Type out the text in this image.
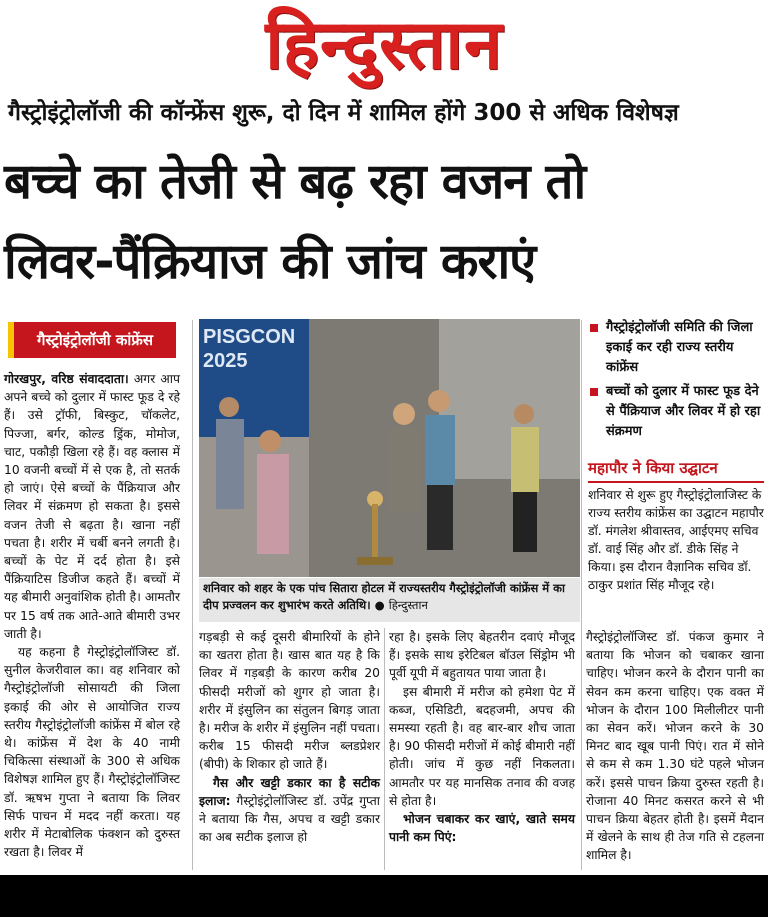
हिन्दुस्तान
गैस्ट्रोइंट्रोलॉजी की कॉन्फ्रेंस शुरू, दो दिन में शामिल होंगे 300 से अधिक विशेषज्ञ
बच्चे का तेजी से बढ़ रहा वजन तो
लिवर-पैंक्रियाज की जांच कराएं
गैस्ट्रोइंट्रोलॉजी कांफ्रेंस

गोरखपुर, वरिष्ठ संवाददाता। अगर आप अपने बच्चे को दुलार में फास्ट फूड दे रहे हैं। उसे ट्रॉफी, बिस्कुट, चॉकलेट, पिज्जा, बर्गर, कोल्ड ड्रिंक, मोमोज, चाट, पकौड़ी खिला रहे हैं। वह क्लास में 10 वजनी बच्चों में से एक है, तो सतर्क हो जाएं। ऐसे बच्चों के पैंक्रियाज और लिवर में संक्रमण हो सकता है। इससे वजन तेजी से बढ़ता है। खाना नहीं पचता है। शरीर में चर्बी बनने लगती है। बच्चों के पेट में दर्द होता है। इसे पैंक्रियाटिस डिजीज कहते हैं। बच्चों में यह बीमारी अनुवांशिक होती है। आमतौर पर 15 वर्ष तक आते-आते बीमारी उभर जाती है।

यह कहना है गेस्ट्रोइंट्रोलॉजिस्ट डॉ. सुनील केजरीवाल का। वह शनिवार को गैस्ट्रोइंट्रोलॉजी सोसायटी की जिला इकाई की ओर से आयोजित राज्य स्तरीय गैस्ट्रोइंट्रोलॉजी कांफ्रेंस में बोल रहे थे। कांफ्रेंस में देश के 40 नामी चिकित्सा संस्थाओं के 300 से अधिक विशेषज्ञ शामिल हुए हैं। गैस्ट्रोइंट्रोलॉजिस्ट डॉ. ऋषभ गुप्ता ने बताया कि लिवर सिर्फ पाचन में मदद नहीं करता। यह शरीर में मेटाबोलिक फंक्शन को दुरुस्त रखता है। लिवर में

PISGCON 2025
शनिवार को शहर के एक पांच सितारा होटल में राज्यस्तरीय गैस्ट्रोइंट्रोलॉजी कांफ्रेंस में का दीप प्रज्वलन कर शुभारंभ करते अतिथि। ● हिन्दुस्तान
गैस्ट्रोइंट्रोलॉजी समिति की जिला इकाई कर रही राज्य स्तरीय कांफ्रेंस
बच्चों को दुलार में फास्ट फूड देने से पैंक्रियाज और लिवर में हो रहा संक्रमण
महापौर ने किया उद्घाटन
शनिवार से शुरू हुए गैस्ट्रोइंट्रोलाजिस्ट के राज्य स्तरीय कांफ्रेंस का उद्घाटन महापौर डॉ. मंगलेश श्रीवास्तव, आईएमए सचिव डॉ. वाई सिंह और डॉ. डीके सिंह ने किया। इस दौरान वैज्ञानिक सचिव डॉ. ठाकुर प्रशांत सिंह मौजूद रहे।

गड़बड़ी से कई दूसरी बीमारियों के होने का खतरा होता है। खास बात यह है कि लिवर में गड़बड़ी के कारण करीब 20 फीसदी मरीजों को शुगर हो जाता है। शरीर में इंसुलिन का संतुलन बिगड़ जाता है। मरीज के शरीर में इंसुलिन नहीं पचता। करीब 15 फीसदी मरीज ब्लडप्रेशर (बीपी) के शिकार हो जाते हैं।

गैस और खट्टी डकार का है सटीक इलाज: गैस्ट्रोइंट्रोलॉजिस्ट डॉ. उपेंद्र गुप्ता ने बताया कि गैस, अपच व खट्टी डकार का अब सटीक इलाज हो

रहा है। इसके लिए बेहतरीन दवाएं मौजूद हैं। इसके साथ इरेटिबल बॉउल सिंड्रोम भी पूर्वी यूपी में बहुतायत पाया जाता है।

इस बीमारी में मरीज को हमेशा पेट में कब्ज, एसिडिटी, बदहजमी, अपच की समस्या रहती है। वह बार-बार शौच जाता है। 90 फीसदी मरीजों में कोई बीमारी नहीं होती। जांच में कुछ नहीं निकलता। आमतौर पर यह मानसिक तनाव की वजह से होता है।

भोजन चबाकर कर खाएं, खाते समय पानी कम पिएं:

गैस्ट्रोइंट्रोलॉजिस्ट डॉ. पंकज कुमार ने बताया कि भोजन को चबाकर खाना चाहिए। भोजन करने के दौरान पानी का सेवन कम करना चाहिए। एक वक्त में भोजन के दौरान 100 मिलीलीटर पानी का सेवन करें। भोजन करने के 30 मिनट बाद खूब पानी पिएं। रात में सोने से कम से कम 1.30 घंटे पहले भोजन करें। इससे पाचन क्रिया दुरुस्त रहती है। रोजाना 40 मिनट कसरत करने से भी पाचन क्रिया बेहतर होती है। इसमें मैदान में खेलने के साथ ही तेज गति से टहलना शामिल है।
